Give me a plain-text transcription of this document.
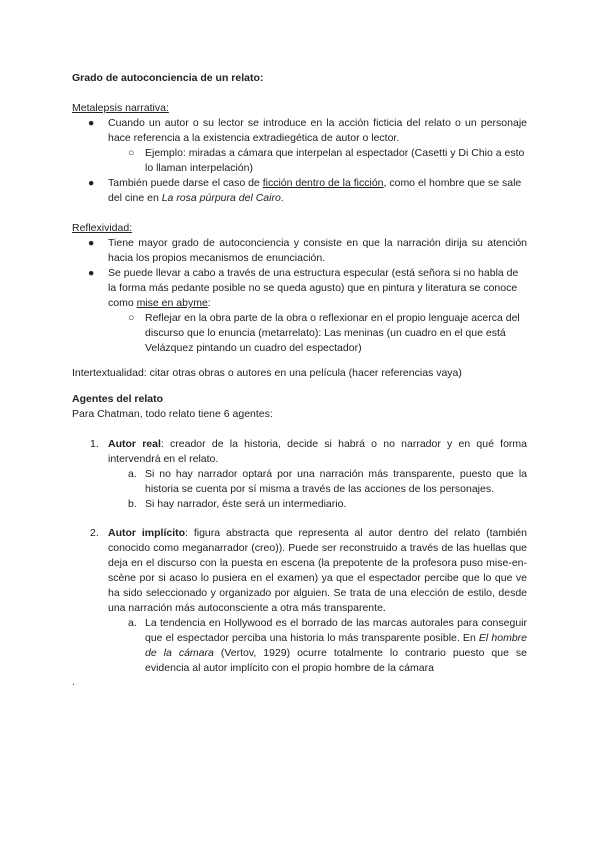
Grado de autoconciencia de un relato:

Metalepsis narrativa:

● Cuando un autor o su lector se introduce en la acción ficticia del relato o un personaje hace referencia a la existencia extradiegética de autor o lector.
○ Ejemplo: miradas a cámara que interpelan al espectador (Casetti y Di Chio a esto lo llaman interpelación)
● También puede darse el caso de ficción dentro de la ficción, como el hombre que se sale del cine en La rosa púrpura del Cairo.

Reflexividad:

● Tiene mayor grado de autoconciencia y consiste en que la narración dirija su atención hacia los propios mecanismos de enunciación.
● Se puede llevar a cabo a través de una estructura especular (está señora si no habla de la forma más pedante posible no se queda agusto) que en pintura y literatura se conoce como mise en abyme:
○ Reflejar en la obra parte de la obra o reflexionar en el propio lenguaje acerca del discurso que lo enuncia (metarrelato): Las meninas (un cuadro en el que está Velázquez pintando un cuadro del espectador)

Intertextualidad: citar otras obras o autores en una película (hacer referencias vaya)

Agentes del relato

Para Chatman, todo relato tiene 6 agentes:

1. Autor real: creador de la historia, decide si habrá o no narrador y en qué forma intervendrá en el relato.
a. Si no hay narrador optará por una narración más transparente, puesto que la historia se cuenta por sí misma a través de las acciones de los personajes.
b. Si hay narrador, éste será un intermediario.
2. Autor implícito: figura abstracta que representa al autor dentro del relato (también conocido como meganarrador (creo)). Puede ser reconstruido a través de las huellas que deja en el discurso con la puesta en escena (la prepotente de la profesora puso mise-en-scène por si acaso lo pusiera en el examen) ya que el espectador percibe que lo que ve ha sido seleccionado y organizado por alguien. Se trata de una elección de estilo, desde una narración más autoconsciente a otra más transparente.
a. La tendencia en Hollywood es el borrado de las marcas autorales para conseguir que el espectador perciba una historia lo más transparente posible. En El hombre de la cámara (Vertov, 1929) ocurre totalmente lo contrario puesto que se evidencia al autor implícito con el propio hombre de la cámara

.
